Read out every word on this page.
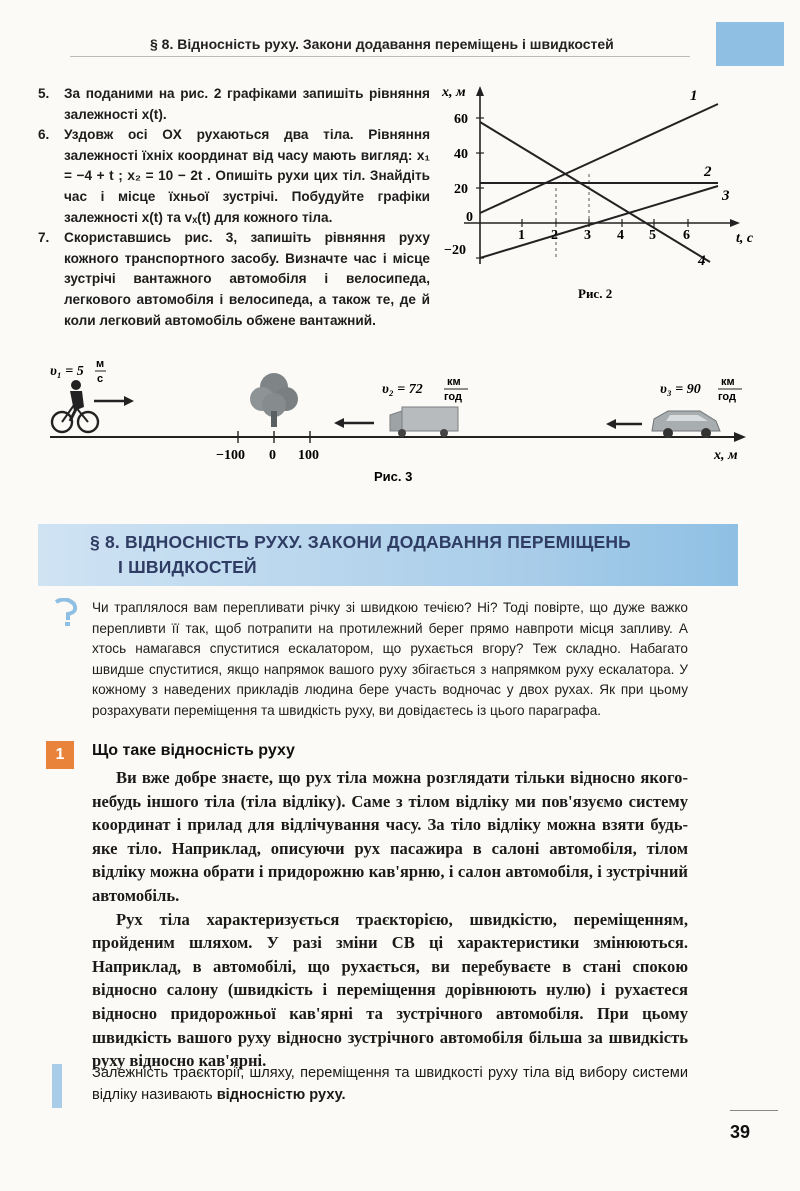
§ 8. Відносність руху. Закони додавання переміщень і швидкостей
5.	За поданими на рис. 2 графіками запишіть рівняння залежності x(t).
6.	Уздовж осі OX рухаються два тіла. Рівняння залежності їхніх координат від часу мають вигляд: x₁ = −4 + t ; x₂ = 10 − 2t . Опишіть рухи цих тіл. Знайдіть час і місце їхньої зустрічі. Побудуйте графіки залежності x(t) та vₓ(t) для кожного тіла.
7.	Скориставшись рис. 3, запишіть рівняння руху кожного транспортного засобу. Визначте час і місце зустрічі вантажного автомобіля і велосипеда, легкового автомобіля і велосипеда, а також те, де й коли легковий автомобіль обжене вантажний.
x, м
t, с
60
40
20
0
−20
1 2 3 4 5 6
1
2
3
4
Рис. 2
υ₁ = 5 м
с
υ₂ = 72 км
год	υ₃ = 90 км
год
−100 0 100	x, м
Рис. 3
§ 8. ВІДНОСНІСТЬ РУХУ. ЗАКОНИ ДОДАВАННЯ ПЕРЕМІЩЕНЬ
І ШВИДКОСТЕЙ
Чи траплялося вам перепливати річку зі швидкою течією? Ні? Тоді повірте, що дуже важко перепливти її так, щоб потрапити на протилежний берег прямо навпроти місця запливу. А хтось намагався спуститися ескалатором, що рухається вгору? Теж складно. Набагато швидше спуститися, якщо напрямок вашого руху збігається з напрямком руху ескалатора. У кожному з наведених прикладів людина бере участь водночас у двох рухах. Як при цьому розрахувати переміщення та швидкість руху, ви довідаєтесь із цього параграфа.
1	Що таке відносність руху

Ви вже добре знаєте, що рух тіла можна розглядати тільки відносно якого-небудь іншого тіла (тіла відліку). Саме з тілом відліку ми пов'язуємо систему координат і прилад для відлічування часу. За тіло відліку можна взяти будь-яке тіло. Наприклад, описуючи рух пасажира в салоні автомобіля, тілом відліку можна обрати і придорожню кав'ярню, і салон автомобіля, і зустрічний автомобіль.

Рух тіла характеризується траєкторією, швидкістю, переміщенням, пройденим шляхом. У разі зміни СВ ці характеристики змінюються. Наприклад, в автомобілі, що рухається, ви перебуваєте в стані спокою відносно салону (швидкість і переміщення дорівнюють нулю) і рухаєтеся відносно придорожньої кав'ярні та зустрічного автомобіля. При цьому швидкість вашого руху відносно зустрічного автомобіля більша за швидкість руху відносно кав'ярні.

Залежність траєкторії, шляху, переміщення та швидкості руху тіла від вибору системи відліку називають відносністю руху.
39
